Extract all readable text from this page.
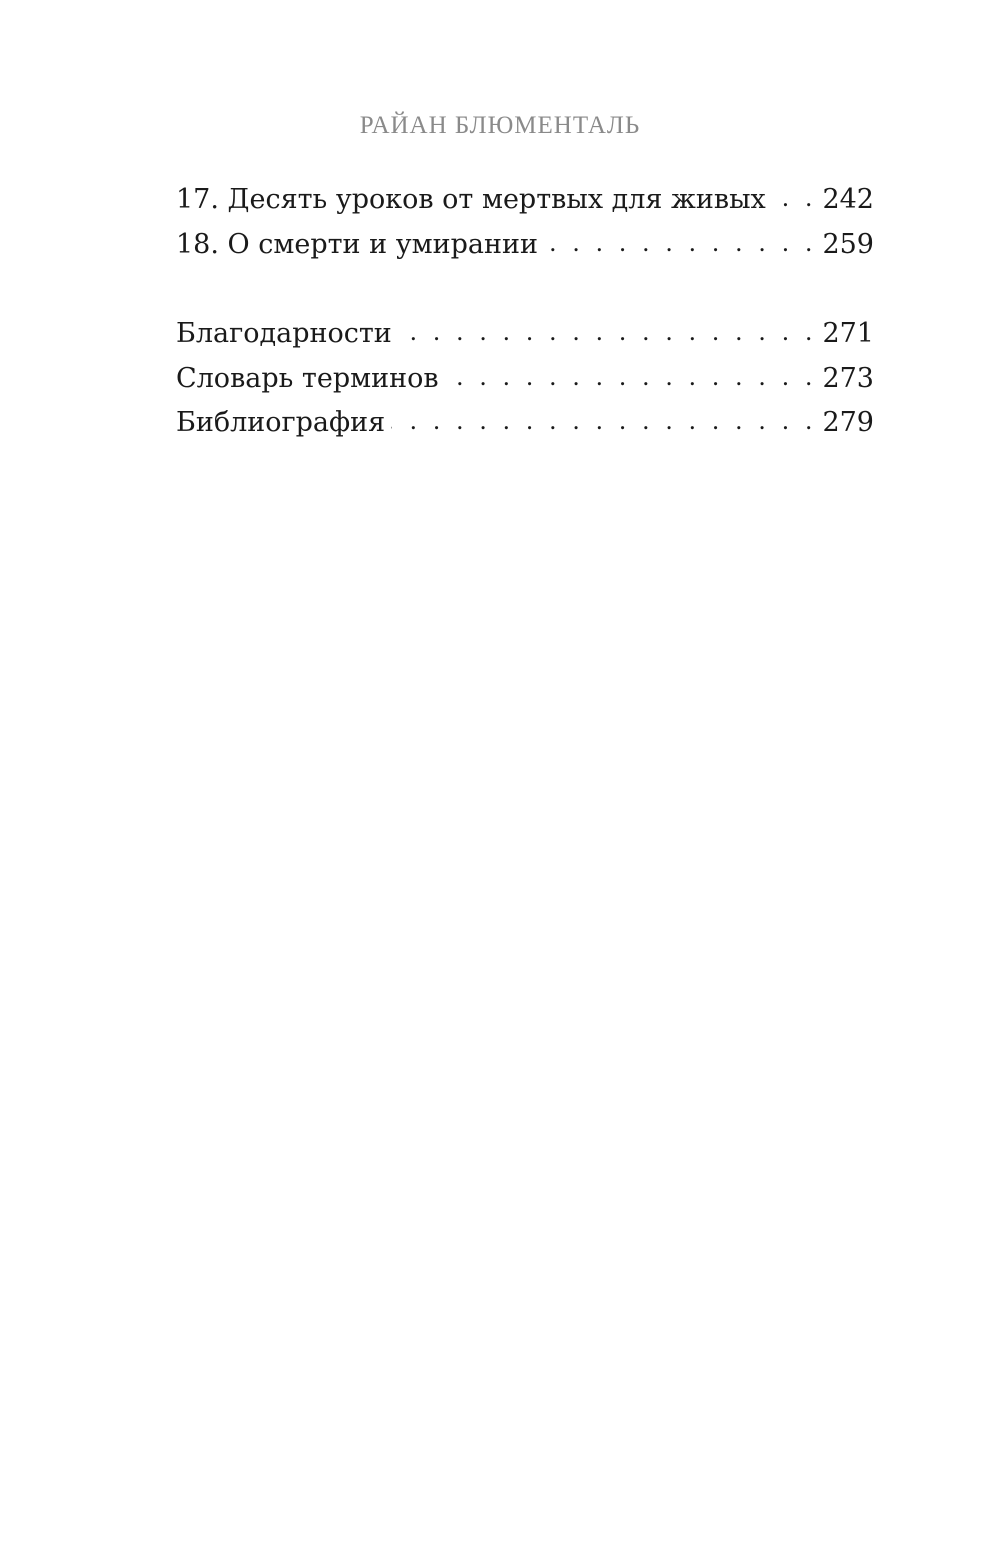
РАЙАН БЛЮМЕНТАЛЬ
17. Десять уроков от мертвых для живых . . . 242
18. О смерти и умирании . . .	259
Благодарности . . .	271
Словарь терминов . . .	273
Библиография . . .	279
